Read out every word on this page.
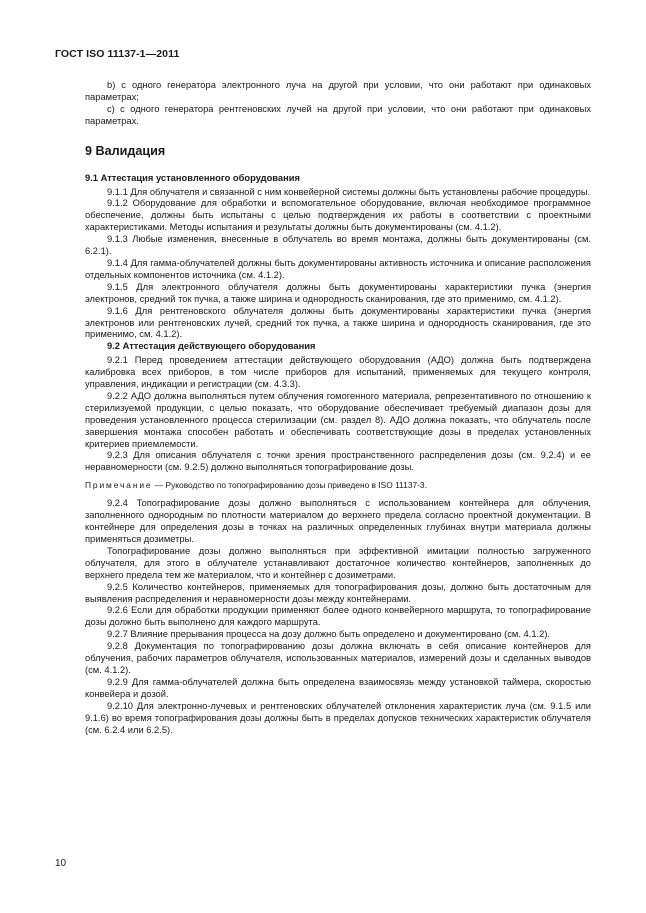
ГОСТ ISO 11137-1—2011

b) с одного генератора электронного луча на другой при условии, что они работают при одинаковых параметрах;

c) с одного генератора рентгеновских лучей на другой при условии, что они работают при одинаковых параметрах.

9 Валидация

9.1 Аттестация установленного оборудования

9.1.1 Для облучателя и связанной с ним конвейерной системы должны быть установлены рабочие процедуры.

9.1.2 Оборудование для обработки и вспомогательное оборудование, включая необходимое программное обеспечение, должны быть испытаны с целью подтверждения их работы в соответствии с проектными характеристиками. Методы испытания и результаты должны быть документированы (см. 4.1.2).

9.1.3 Любые изменения, внесенные в облучатель во время монтажа, должны быть документированы (см. 6.2.1).

9.1.4 Для гамма-облучателей должны быть документированы активность источника и описание расположения отдельных компонентов источника (см. 4.1.2).

9.1.5 Для электронного облучателя должны быть документированы характеристики пучка (энергия электронов, средний ток пучка, а также ширина и однородность сканирования, где это применимо, см. 4.1.2).

9.1.6 Для рентгеновского облучателя должны быть документированы характеристики пучка (энергия электронов или рентгеновских лучей, средний ток пучка, а также ширина и однородность сканирования, где это применимо, см. 4.1.2).

9.2 Аттестация действующего оборудования

9.2.1 Перед проведением аттестации действующего оборудования (АДО) должна быть подтверждена калибровка всех приборов, в том числе приборов для испытаний, применяемых для текущего контроля, управления, индикации и регистрации (см. 4.3.3).

9.2.2 АДО должна выполняться путем облучения гомогенного материала, репрезентативного по отношению к стерилизуемой продукции, с целью показать, что оборудование обеспечивает требуемый диапазон дозы для проведения установленного процесса стерилизации (см. раздел 8). АДО должна показать, что облучатель после завершения монтажа способен работать и обеспечивать соответствующие дозы в пределах установленных критериев приемлемости.

9.2.3 Для описания облучателя с точки зрения пространственного распределения дозы (см. 9.2.4) и ее неравномерности (см. 9.2.5) должно выполняться топографирование дозы.

Примечание — Руководство по топографированию дозы приведено в ISO 11137-3.

9.2.4 Топографирование дозы должно выполняться с использованием контейнера для облучения, заполненного однородным по плотности материалом до верхнего предела согласно проектной документации. В контейнере для определения дозы в точках на различных определенных глубинах внутри материала должны применяться дозиметры.

Топографирование дозы должно выполняться при эффективной имитации полностью загруженного облучателя, для этого в облучателе устанавливают достаточное количество контейнеров, заполненных до верхнего предела тем же материалом, что и контейнер с дозиметрами.

9.2.5 Количество контейнеров, применяемых для топографирования дозы, должно быть достаточным для выявления распределения и неравномерности дозы между контейнерами.

9.2.6 Если для обработки продукции применяют более одного конвейерного маршрута, то топографирование дозы должно быть выполнено для каждого маршрута.

9.2.7 Влияние прерывания процесса на дозу должно быть определено и документировано (см. 4.1.2).

9.2.8 Документация по топографированию дозы должна включать в себя описание контейнеров для облучения, рабочих параметров облучателя, использованных материалов, измерений дозы и сделанных выводов (см. 4.1.2).

9.2.9 Для гамма-облучателей должна быть определена взаимосвязь между установкой таймера, скоростью конвейера и дозой.

9.2.10 Для электронно-лучевых и рентгеновских облучателей отклонения характеристик луча (см. 9.1.5 или 9.1.6) во время топографирования дозы должны быть в пределах допусков технических характеристик облучателя (см. 6.2.4 или 6.2.5).

10
